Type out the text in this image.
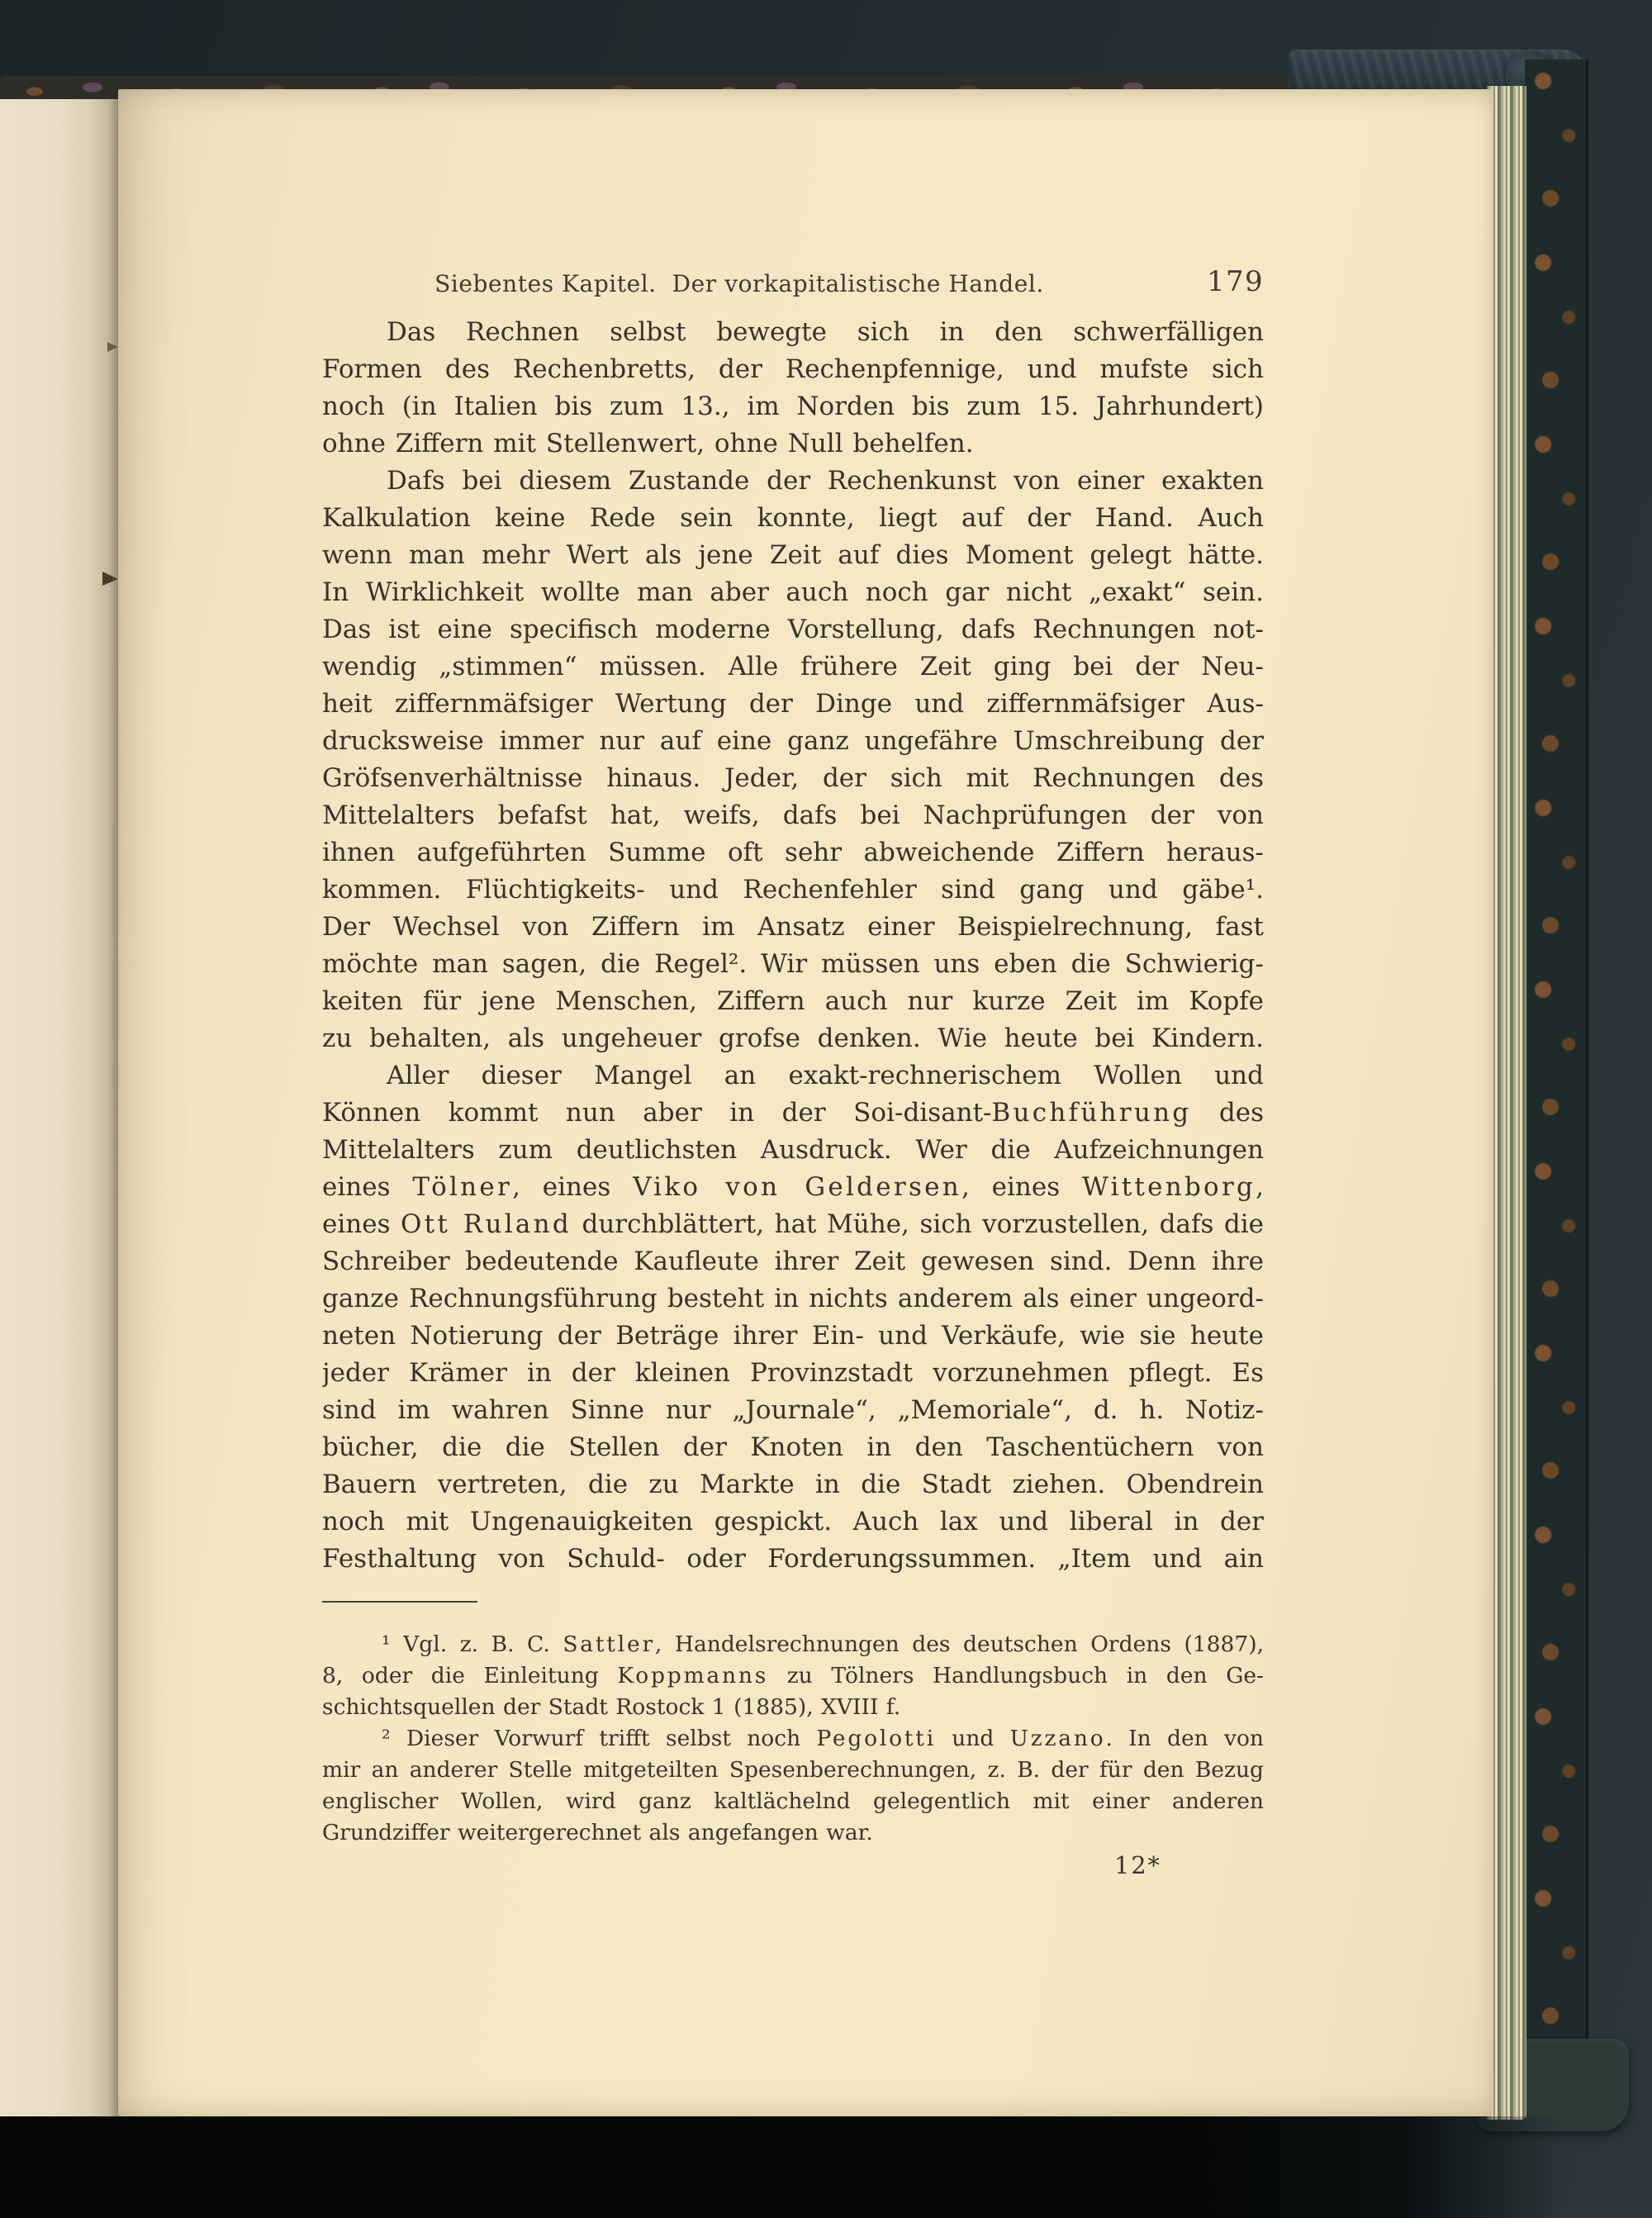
Siebentes Kapitel.  Der vorkapitalistische Handel.	179
Das Rechnen selbst bewegte sich in den schwerfälligen
Formen des Rechenbretts, der Rechenpfennige, und mufste sich
noch (in Italien bis zum 13., im Norden bis zum 15. Jahrhundert)
ohne Ziffern mit Stellenwert, ohne Null behelfen.
Dafs bei diesem Zustande der Rechenkunst von einer exakten
Kalkulation keine Rede sein konnte, liegt auf der Hand. Auch
wenn man mehr Wert als jene Zeit auf dies Moment gelegt hätte.
In Wirklichkeit wollte man aber auch noch gar nicht „exakt“ sein.
Das ist eine specifisch moderne Vorstellung, dafs Rechnungen not-
wendig „stimmen“ müssen. Alle frühere Zeit ging bei der Neu-
heit ziffernmäfsiger Wertung der Dinge und ziffernmäfsiger Aus-
drucksweise immer nur auf eine ganz ungefähre Umschreibung der
Gröfsenverhältnisse hinaus. Jeder, der sich mit Rechnungen des
Mittelalters befafst hat, weifs, dafs bei Nachprüfungen der von
ihnen aufgeführten Summe oft sehr abweichende Ziffern heraus-
kommen. Flüchtigkeits- und Rechenfehler sind gang und gäbe¹.
Der Wechsel von Ziffern im Ansatz einer Beispielrechnung, fast
möchte man sagen, die Regel². Wir müssen uns eben die Schwierig-
keiten für jene Menschen, Ziffern auch nur kurze Zeit im Kopfe
zu behalten, als ungeheuer grofse denken. Wie heute bei Kindern.
Aller dieser Mangel an exakt-rechnerischem Wollen und
Können kommt nun aber in der Soi-disant-Buchführung des
Mittelalters zum deutlichsten Ausdruck. Wer die Aufzeichnungen
eines Tölner, eines Viko von Geldersen, eines Wittenborg,
eines Ott Ruland durchblättert, hat Mühe, sich vorzustellen, dafs die
Schreiber bedeutende Kaufleute ihrer Zeit gewesen sind. Denn ihre
ganze Rechnungsführung besteht in nichts anderem als einer ungeord-
neten Notierung der Beträge ihrer Ein- und Verkäufe, wie sie heute
jeder Krämer in der kleinen Provinzstadt vorzunehmen pflegt. Es
sind im wahren Sinne nur „Journale“, „Memoriale“, d. h. Notiz-
bücher, die die Stellen der Knoten in den Taschentüchern von
Bauern vertreten, die zu Markte in die Stadt ziehen. Obendrein
noch mit Ungenauigkeiten gespickt. Auch lax und liberal in der
Festhaltung von Schuld- oder Forderungssummen. „Item und ain
¹ Vgl. z. B. C. Sattler, Handelsrechnungen des deutschen Ordens (1887),
8, oder die Einleitung Koppmanns zu Tölners Handlungsbuch in den Ge-
schichtsquellen der Stadt Rostock 1 (1885), XVIII f.
² Dieser Vorwurf trifft selbst noch Pegolotti und Uzzano. In den von
mir an anderer Stelle mitgeteilten Spesenberechnungen, z. B. der für den Bezug
englischer Wollen, wird ganz kaltlächelnd gelegentlich mit einer anderen
Grundziffer weitergerechnet als angefangen war.
12*
